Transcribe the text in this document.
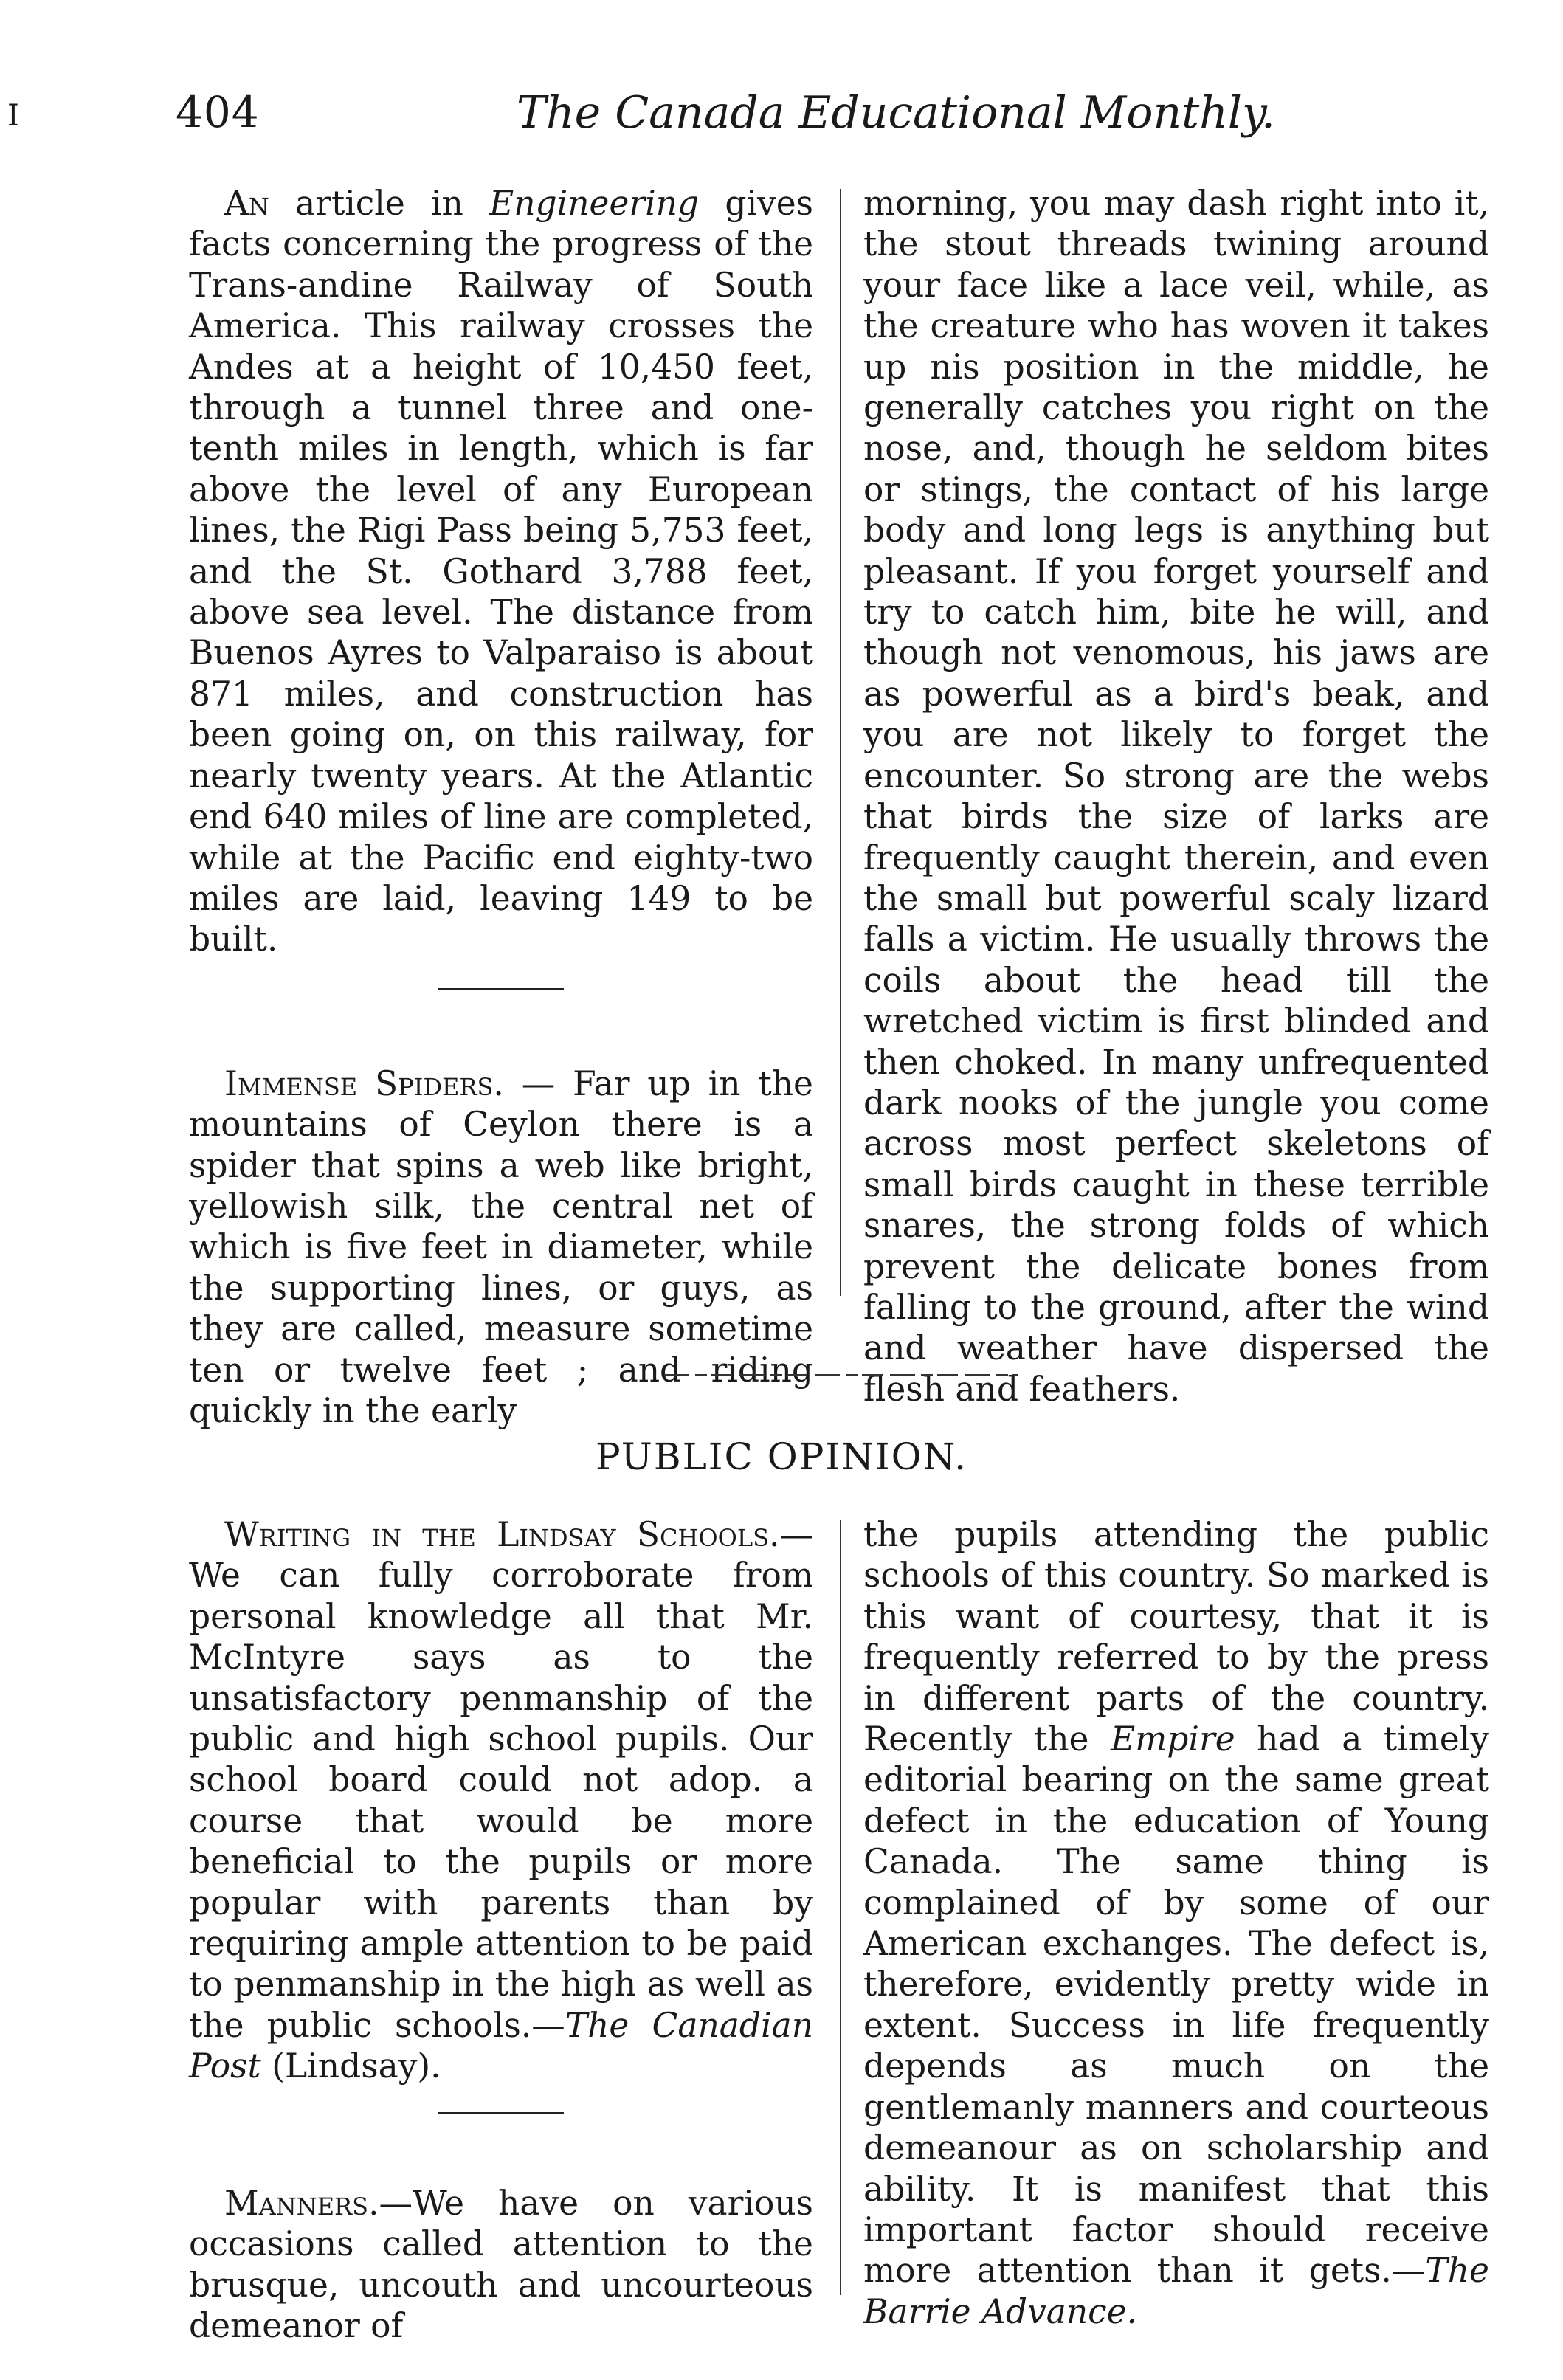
I	404	The Canada Educational Monthly.

An article in Engineering gives facts concerning the progress of the Trans-andine Railway of South America. This railway crosses the Andes at a height of 10,450 feet, through a tunnel three and one-tenth miles in length, which is far above the level of any European lines, the Rigi Pass being 5,753 feet, and the St. Gothard 3,788 feet, above sea level. The distance from Buenos Ayres to Valparaiso is about 871 miles, and construction has been going on, on this railway, for nearly twenty years. At the Atlantic end 640 miles of line are completed, while at the Pacific end eighty-two miles are laid, leaving 149 to be built.

Immense Spiders. — Far up in the mountains of Ceylon there is a spider that spins a web like bright, yellowish silk, the central net of which is five feet in diameter, while the supporting lines, or guys, as they are called, measure sometime ten or twelve feet ; and riding quickly in the early

morning, you may dash right into it, the stout threads twining around your face like a lace veil, while, as the creature who has woven it takes up nis position in the middle, he generally catches you right on the nose, and, though he seldom bites or stings, the contact of his large body and long legs is anything but pleasant. If you forget yourself and try to catch him, bite he will, and though not venomous, his jaws are as powerful as a bird's beak, and you are not likely to forget the encounter. So strong are the webs that birds the size of larks are frequently caught therein, and even the small but powerful scaly lizard falls a victim. He usually throws the coils about the head till the wretched victim is first blinded and then choked. In many unfrequented dark nooks of the jungle you come across most perfect skeletons of small birds caught in these terrible snares, the strong folds of which prevent the delicate bones from falling to the ground, after the wind and weather have dispersed the flesh and feathers.

PUBLIC OPINION.

Writing in the Lindsay Schools.—We can fully corroborate from personal knowledge all that Mr. McIntyre says as to the unsatisfactory penmanship of the public and high school pupils. Our school board could not adop. a course that would be more beneficial to the pupils or more popular with parents than by requiring ample attention to be paid to penmanship in the high as well as the public schools.—The Canadian Post (Lindsay).

Manners.—We have on various occasions called attention to the brusque, uncouth and uncourteous demeanor of

the pupils attending the public schools of this country. So marked is this want of courtesy, that it is frequently referred to by the press in different parts of the country. Recently the Empire had a timely editorial bearing on the same great defect in the education of Young Canada. The same thing is complained of by some of our American exchanges. The defect is, therefore, evidently pretty wide in extent. Success in life frequently depends as much on the gentlemanly manners and courteous demeanour as on scholarship and ability. It is manifest that this important factor should receive more attention than it gets.—The Barrie Advance.
